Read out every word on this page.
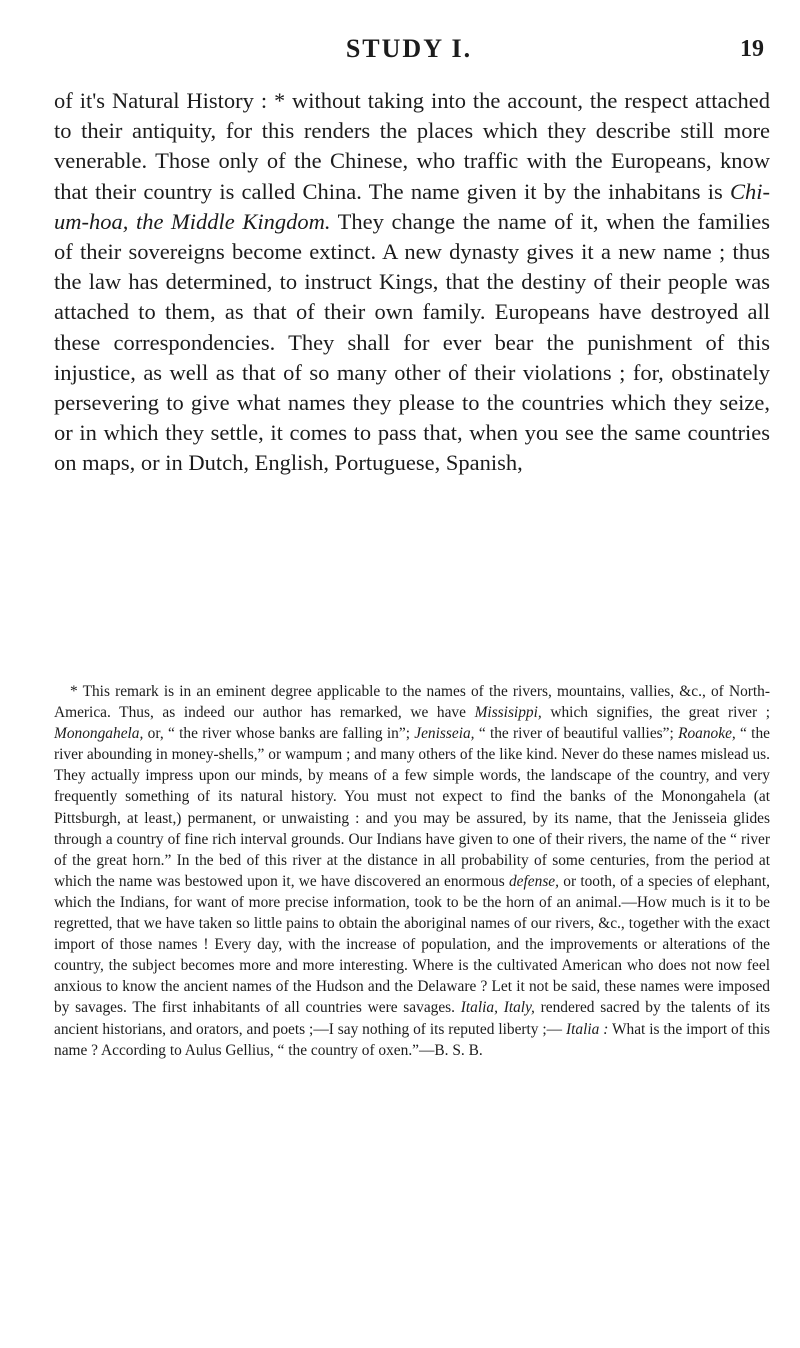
STUDY I.	19

of it's Natural History : * without taking into the account, the respect attached to their antiquity, for this renders the places which they describe still more venerable. Those only of the Chinese, who traffic with the Europeans, know that their country is called China. The name given it by the inhabitans is Chi-um-hoa, the Middle Kingdom. They change the name of it, when the families of their sovereigns become extinct. A new dynasty gives it a new name ; thus the law has determined, to instruct Kings, that the destiny of their people was attached to them, as that of their own family. Europeans have destroyed all these correspondencies. They shall for ever bear the punishment of this injustice, as well as that of so many other of their violations ; for, obstinately persevering to give what names they please to the countries which they seize, or in which they settle, it comes to pass that, when you see the same countries on maps, or in Dutch, English, Portuguese, Spanish,

* This remark is in an eminent degree applicable to the names of the rivers, mountains, vallies, &c., of North-America. Thus, as indeed our author has remarked, we have Missisippi, which signifies, the great river ; Monongahela, or, “ the river whose banks are falling in”; Jenisseia, “ the river of beautiful vallies”; Roanoke, “ the river abounding in money-shells,” or wampum ; and many others of the like kind. Never do these names mislead us. They actually impress upon our minds, by means of a few simple words, the landscape of the country, and very frequently something of its natural history. You must not expect to find the banks of the Monongahela (at Pittsburgh, at least,) permanent, or unwaisting : and you may be assured, by its name, that the Jenisseia glides through a country of fine rich interval grounds. Our Indians have given to one of their rivers, the name of the “ river of the great horn.” In the bed of this river at the distance in all probability of some centuries, from the period at which the name was bestowed upon it, we have discovered an enormous defense, or tooth, of a species of elephant, which the Indians, for want of more precise information, took to be the horn of an animal.—How much is it to be regretted, that we have taken so little pains to obtain the aboriginal names of our rivers, &c., together with the exact import of those names ! Every day, with the increase of population, and the improvements or alterations of the country, the subject becomes more and more interesting. Where is the cultivated American who does not now feel anxious to know the ancient names of the Hudson and the Delaware ? Let it not be said, these names were imposed by savages. The first inhabitants of all countries were savages. Italia, Italy, rendered sacred by the talents of its ancient historians, and orators, and poets ;—I say nothing of its reputed liberty ;— Italia : What is the import of this name ? According to Aulus Gellius, “ the country of oxen.”—B. S. B.
